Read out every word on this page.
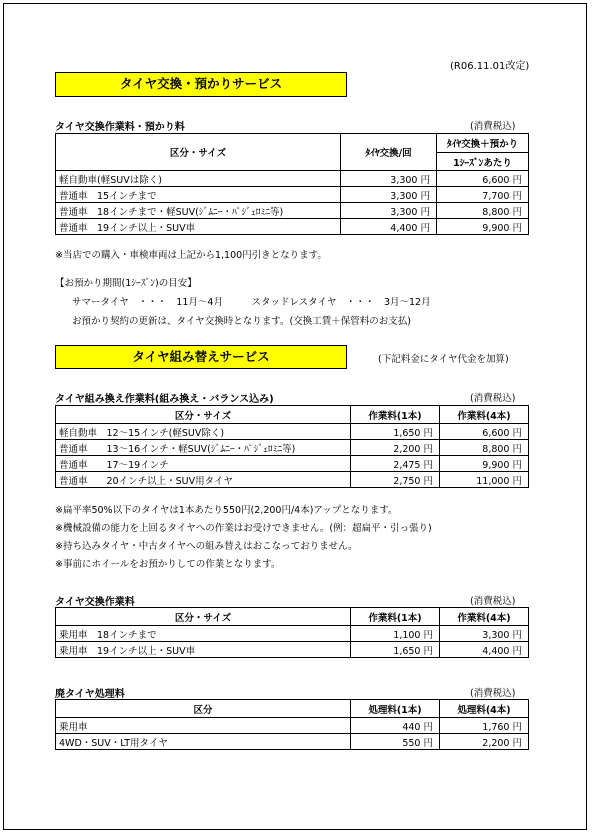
(R06.11.01改定)
タイヤ交換・預かりサービス
タイヤ交換作業料・預かり料	(消費税込)
区分・サイズ	ﾀｲﾔ交換/回	ﾀｲﾔ交換＋預かり
		1ｼｰｽﾞﾝあたり
軽自動車(軽SUVは除く)	3,300 円	6,600 円
普通車　15インチまで	3,300 円	7,700 円
普通車　18インチまで・軽SUV(ｼﾞﾑﾆｰ・ﾊﾟｼﾞｪﾛﾐﾆ等)	3,300 円	8,800 円
普通車　19インチ以上・SUV車	4,400 円	9,900 円
※当店での購入・車検車両は上記から1,100円引きとなります。
【お預かり期間(1ｼｰｽﾞﾝ)の目安】
サマータイヤ　・・・　11月～4月　　　スタッドレスタイヤ　・・・　3月～12月
お預かり契約の更新は、タイヤ交換時となります。(交換工賃＋保管料のお支払)
タイヤ組み替えサービス	(下記料金にタイヤ代金を加算)
タイヤ組み換え作業料(組み換え・バランス込み)	(消費税込)
区分・サイズ	作業料(1本)	作業料(4本)
軽自動車　12～15インチ(軽SUV除く)	1,650 円	6,600 円
普通車　　13～16インチ・軽SUV(ｼﾞﾑﾆｰ・ﾊﾟｼﾞｪﾛﾐﾆ等)	2,200 円	8,800 円
普通車　　17～19インチ	2,475 円	9,900 円
普通車　　20インチ以上・SUV用タイヤ	2,750 円	11,000 円
※扁平率50%以下のタイヤは1本あたり550円(2,200円/4本)アップとなります。
※機械設備の能力を上回るタイヤへの作業はお受けできません。(例：超扁平・引っ張り)
※持ち込みタイヤ・中古タイヤへの組み替えはおこなっておりません。
※事前にホイールをお預かりしての作業となります。
タイヤ交換作業料	(消費税込)
区分・サイズ	作業料(1本)	作業料(4本)
乗用車　18インチまで	1,100 円	3,300 円
乗用車　19インチ以上・SUV車	1,650 円	4,400 円
廃タイヤ処理料	(消費税込)
区分	処理料(1本)	処理料(4本)
乗用車	440 円	1,760 円
4WD・SUV・LT用タイヤ	550 円	2,200 円
